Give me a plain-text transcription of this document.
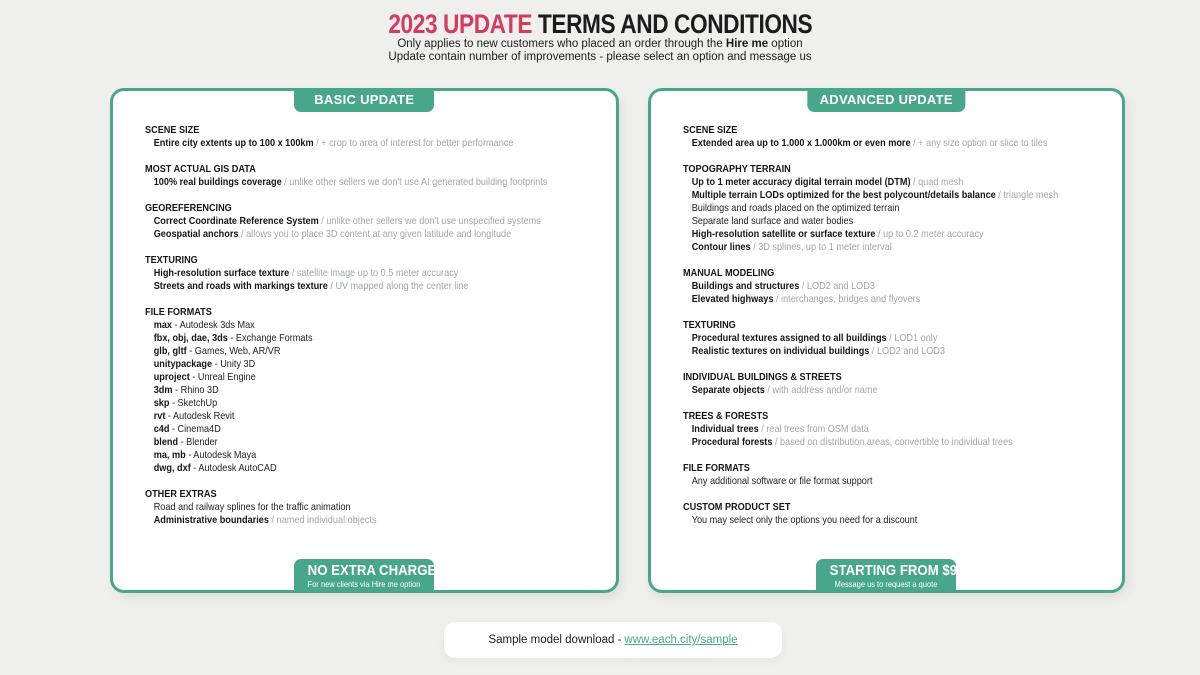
2023 UPDATE TERMS AND CONDITIONS
Only applies to new customers who placed an order through the Hire me option
Update contain number of improvements - please select an option and message us
BASIC UPDATE
SCENE SIZE
Entire city extents up to 100 x 100km / + crop to area of interest for better performance
MOST ACTUAL GIS DATA
100% real buildings coverage / unlike other sellers we don't use AI generated building footprints
GEOREFERENCING
Correct Coordinate Reference System / unlike other sellers we don't use unspecified systems
Geospatial anchors / allows you to place 3D content at any given latitude and longitude
TEXTURING
High-resolution surface texture / satellite image up to 0.5 meter accuracy
Streets and roads with markings texture / UV mapped along the center line
FILE FORMATS
max - Autodesk 3ds Max
fbx, obj, dae, 3ds - Exchange Formats
glb, gltf - Games, Web, AR/VR
unitypackage - Unity 3D
uproject - Unreal Engine
3dm - Rhino 3D
skp - SketchUp
rvt - Autodesk Revit
c4d - Cinema4D
blend - Blender
ma, mb - Autodesk Maya
dwg, dxf - Autodesk AutoCAD
OTHER EXTRAS
Road and railway splines for the traffic animation
Administrative boundaries / named individual objects
NO EXTRA CHARGE
For new clients via Hire me option
ADVANCED UPDATE
SCENE SIZE
Extended area up to 1.000 x 1.000km or even more / + any size option or slice to tiles
TOPOGRAPHY TERRAIN
Up to 1 meter accuracy digital terrain model (DTM) / quad mesh
Multiple terrain LODs optimized for the best polycount/details balance / triangle mesh
Buildings and roads placed on the optimized terrain
Separate land surface and water bodies
High-resolution satellite or surface texture / up to 0.2 meter accuracy
Contour lines / 3D splines, up to 1 meter interval
MANUAL MODELING
Buildings and structures / LOD2 and LOD3
Elevated highways / interchanges, bridges and flyovers
TEXTURING
Procedural textures assigned to all buildings / LOD1 only
Realistic textures on individual buildings / LOD2 and LOD3
INDIVIDUAL BUILDINGS & STREETS
Separate objects / with address and/or name
TREES & FORESTS
Individual trees / real trees from OSM data
Procedural forests / based on distribution areas, convertible to individual trees
FILE FORMATS
Any additional software or file format support
CUSTOM PRODUCT SET
You may select only the options you need for a discount
STARTING FROM $99
Message us to request a quote
Sample model download - www.each.city/sample
